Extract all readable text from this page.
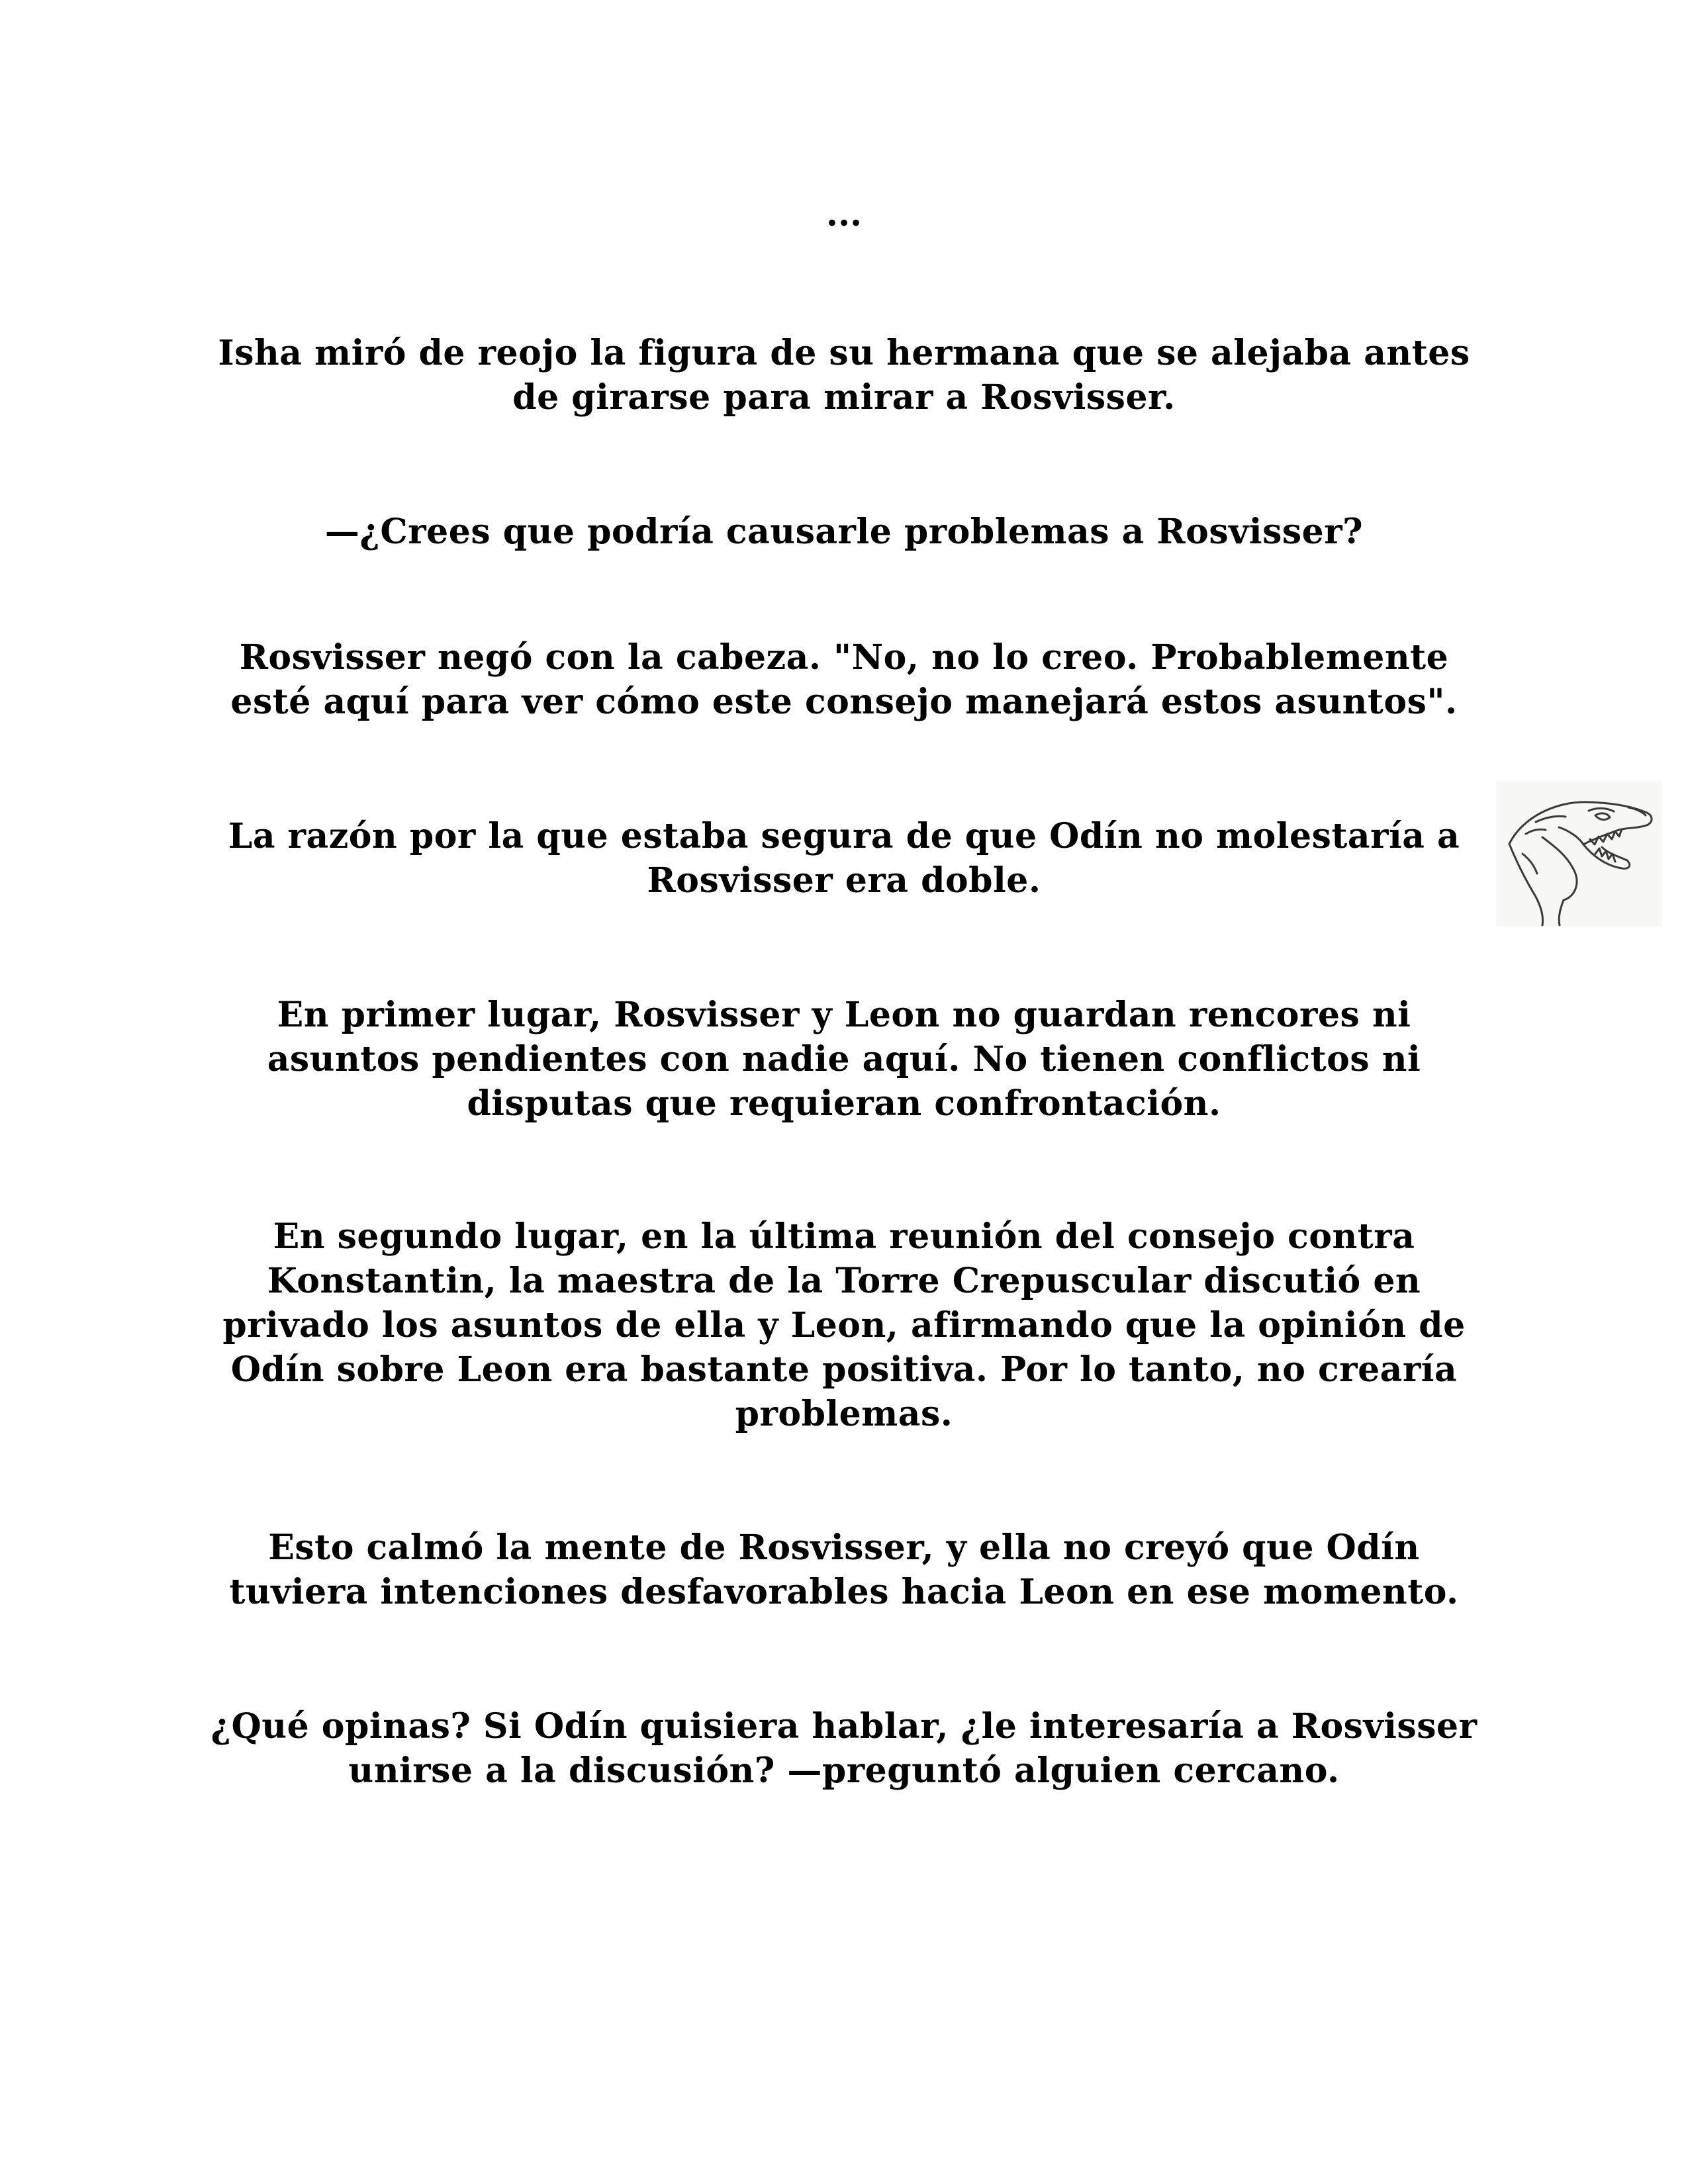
...

Isha miró de reojo la figura de su hermana que se alejaba antes de girarse para mirar a Rosvisser.

—¿Crees que podría causarle problemas a Rosvisser?

Rosvisser negó con la cabeza. "No, no lo creo. Probablemente esté aquí para ver cómo este consejo manejará estos asuntos".

La razón por la que estaba segura de que Odín no molestaría a Rosvisser era doble.

En primer lugar, Rosvisser y Leon no guardan rencores ni asuntos pendientes con nadie aquí. No tienen conflictos ni disputas que requieran confrontación.

En segundo lugar, en la última reunión del consejo contra Konstantin, la maestra de la Torre Crepuscular discutió en privado los asuntos de ella y Leon, afirmando que la opinión de Odín sobre Leon era bastante positiva. Por lo tanto, no crearía problemas.

Esto calmó la mente de Rosvisser, y ella no creyó que Odín tuviera intenciones desfavorables hacia Leon en ese momento.

¿Qué opinas? Si Odín quisiera hablar, ¿le interesaría a Rosvisser unirse a la discusión? —preguntó alguien cercano.
